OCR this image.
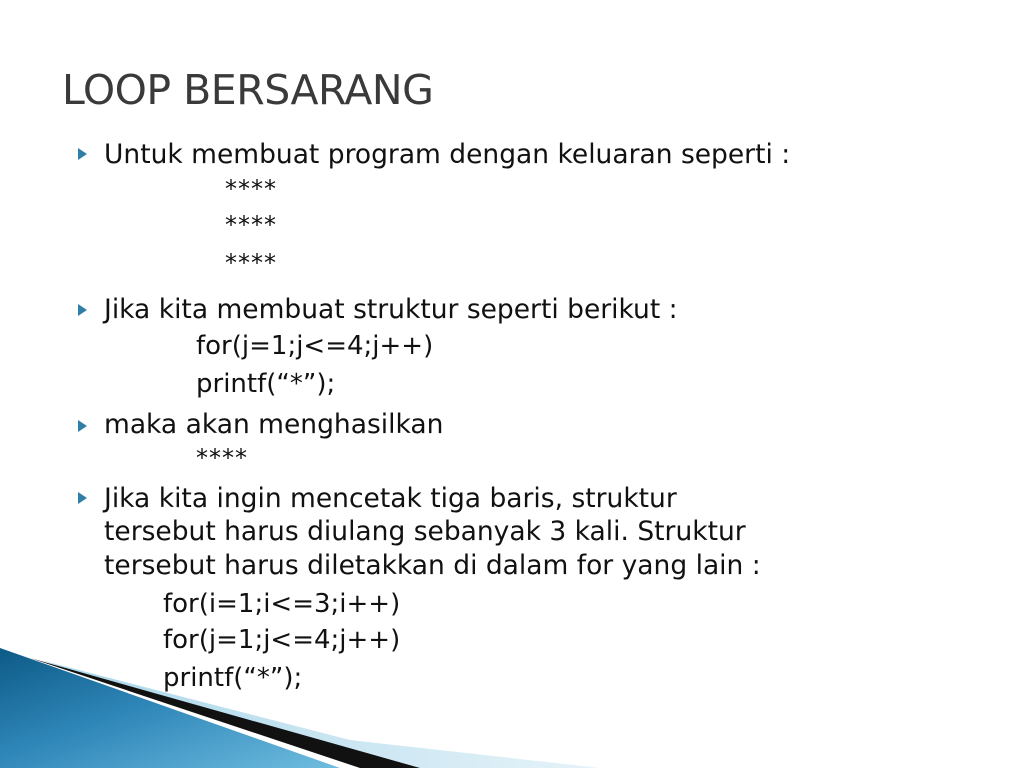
LOOP BERSARANG
Untuk membuat program dengan keluaran seperti :
****
****
****
Jika kita membuat struktur seperti berikut :
for(j=1;j<=4;j++)
printf(“*”);
maka akan menghasilkan
****
Jika kita ingin mencetak tiga baris, struktur
tersebut harus diulang sebanyak 3 kali. Struktur
tersebut harus diletakkan di dalam for yang lain :
for(i=1;i<=3;i++)
for(j=1;j<=4;j++)
printf(“*”);
